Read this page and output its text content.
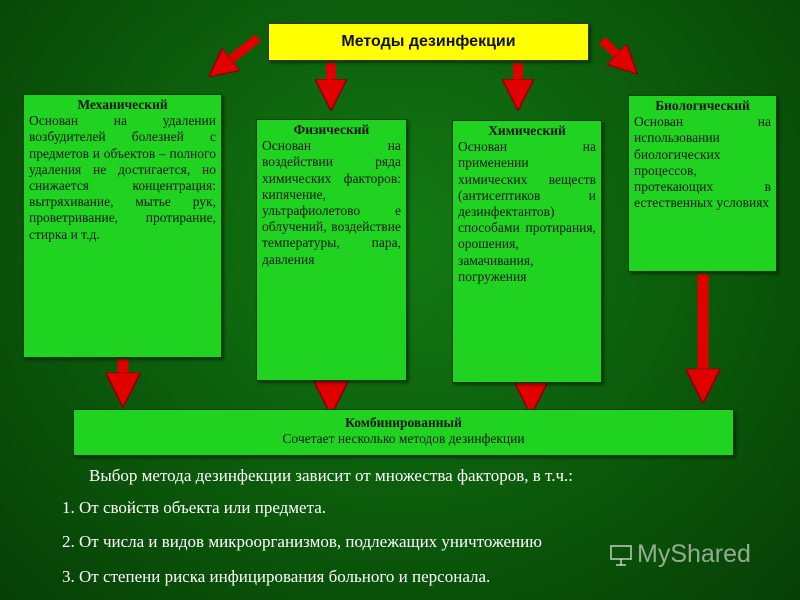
Методы дезинфекции
Механический
Основан на удалении возбудителей болезней с предметов и объектов – полного удаления не достигается, но снижается концентрация: вытряхивание, мытье рук, проветривание, протирание, стирка и т.д.
Физический
Основан на воздействии ряда химических факторов: кипячение, ультрафиолетово е облучений, воздействие температуры, пара, давления
Химический
Основан на применении химических веществ (антисептиков и дезинфектантов) способами протирания, орошения, замачивания, погружения
Биологический
Основан на использовании биологических процессов, протекающих в естественных условиях
Комбинированный
Сочетает несколько методов дезинфекции
Выбор метода дезинфекции зависит от множества факторов, в т.ч.:
1. От свойств объекта или предмета.
2. От числа и видов микроорганизмов, подлежащих уничтожению
3. От степени риска инфицирования больного и персонала.
MyShared
